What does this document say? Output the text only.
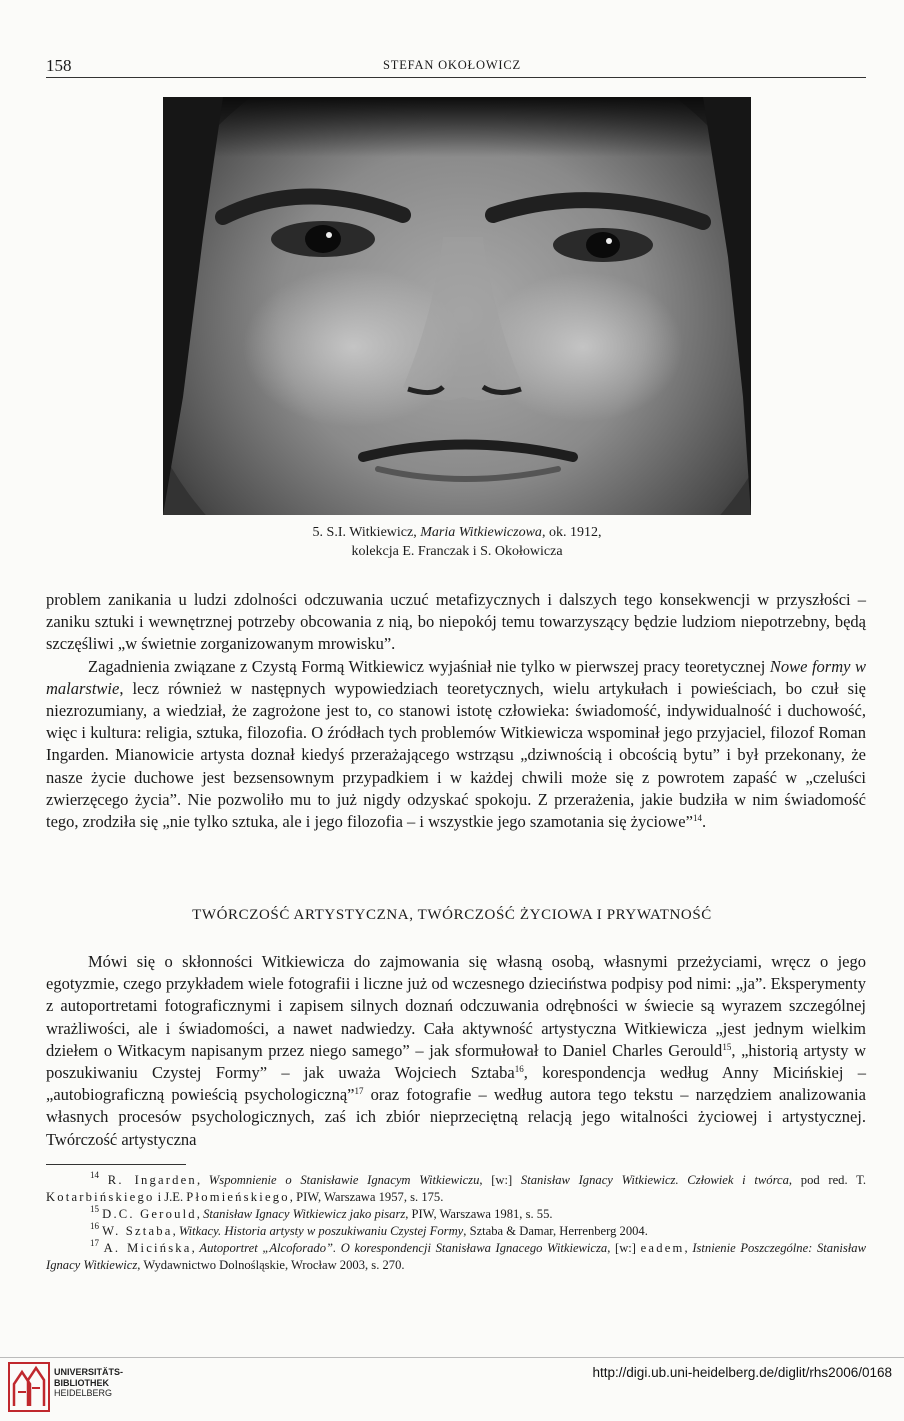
158	STEFAN OKOŁOWICZ
5. S.I. Witkiewicz, Maria Witkiewiczowa, ok. 1912,
kolekcja E. Franczak i S. Okołowicza

problem zanikania u ludzi zdolności odczuwania uczuć metafizycznych i dalszych tego konsekwencji w przyszłości – zaniku sztuki i wewnętrznej potrzeby obcowania z nią, bo niepokój temu towarzyszący będzie ludziom niepotrzebny, będą szczęśliwi „w świetnie zorganizowanym mrowisku”.

Zagadnienia związane z Czystą Formą Witkiewicz wyjaśniał nie tylko w pierwszej pracy teoretycznej Nowe formy w malarstwie, lecz również w następnych wypowiedziach teoretycznych, wielu artykułach i powieściach, bo czuł się niezrozumiany, a wiedział, że zagrożone jest to, co stanowi istotę człowieka: świadomość, indywidualność i duchowość, więc i kultura: religia, sztuka, filozofia. O źródłach tych problemów Witkiewicza wspominał jego przyjaciel, filozof Roman Ingarden. Mianowicie artysta doznał kiedyś przerażającego wstrząsu „dziwnością i obcością bytu” i był przekonany, że nasze życie duchowe jest bezsensownym przypadkiem i w każdej chwili może się z powrotem zapaść w „czeluści zwierzęcego życia”. Nie pozwoliło mu to już nigdy odzyskać spokoju. Z przerażenia, jakie budziła w nim świadomość tego, zrodziła się „nie tylko sztuka, ale i jego filozofia – i wszystkie jego szamotania się życiowe”$^{14}$.

TWÓRCZOŚĆ ARTYSTYCZNA, TWÓRCZOŚĆ ŻYCIOWA I PRYWATNOŚĆ

Mówi się o skłonności Witkiewicza do zajmowania się własną osobą, własnymi przeżyciami, wręcz o jego egotyzmie, czego przykładem wiele fotografii i liczne już od wczesnego dzieciństwa podpisy pod nimi: „ja”. Eksperymenty z autoportretami fotograficznymi i zapisem silnych doznań odczuwania odrębności w świecie są wyrazem szczególnej wrażliwości, ale i świadomości, a nawet nadwiedzy. Cała aktywność artystyczna Witkiewicza „jest jednym wielkim dziełem o Witkacym napisanym przez niego samego” – jak sformułował to Daniel Charles Gerould$^{15}$, „historią artysty w poszukiwaniu Czystej Formy” – jak uważa Wojciech Sztaba$^{16}$, korespondencja według Anny Micińskiej – „autobiograficzną powieścią psychologiczną”$^{17}$ oraz fotografie – według autora tego tekstu – narzędziem analizowania własnych procesów psychologicznych, zaś ich zbiór nieprzeciętną relacją jego witalności życiowej i artystycznej. Twórczość artystyczna

$^{14}$ R. Ingarden, Wspomnienie o Stanisławie Ignacym Witkiewiczu, [w:] Stanisław Ignacy Witkiewicz. Człowiek i twórca, pod red. T. Kotarbińskiego i J.E. Płomieńskiego, PIW, Warszawa 1957, s. 175.

$^{15}$ D.C. Gerould, Stanisław Ignacy Witkiewicz jako pisarz, PIW, Warszawa 1981, s. 55.

$^{16}$ W. Sztaba, Witkacy. Historia artysty w poszukiwaniu Czystej Formy, Sztaba & Damar, Herrenberg 2004.

$^{17}$ A. Micińska, Autoportret „Alcoforado”. O korespondencji Stanisława Ignacego Witkiewicza, [w:] eadem, Istnienie Poszczególne: Stanisław Ignacy Witkiewicz, Wydawnictwo Dolnośląskie, Wrocław 2003, s. 270.

UNIVERSITÄTS-
BIBLIOTHEK
HEIDELBERG
http://digi.ub.uni-heidelberg.de/diglit/rhs2006/0168
